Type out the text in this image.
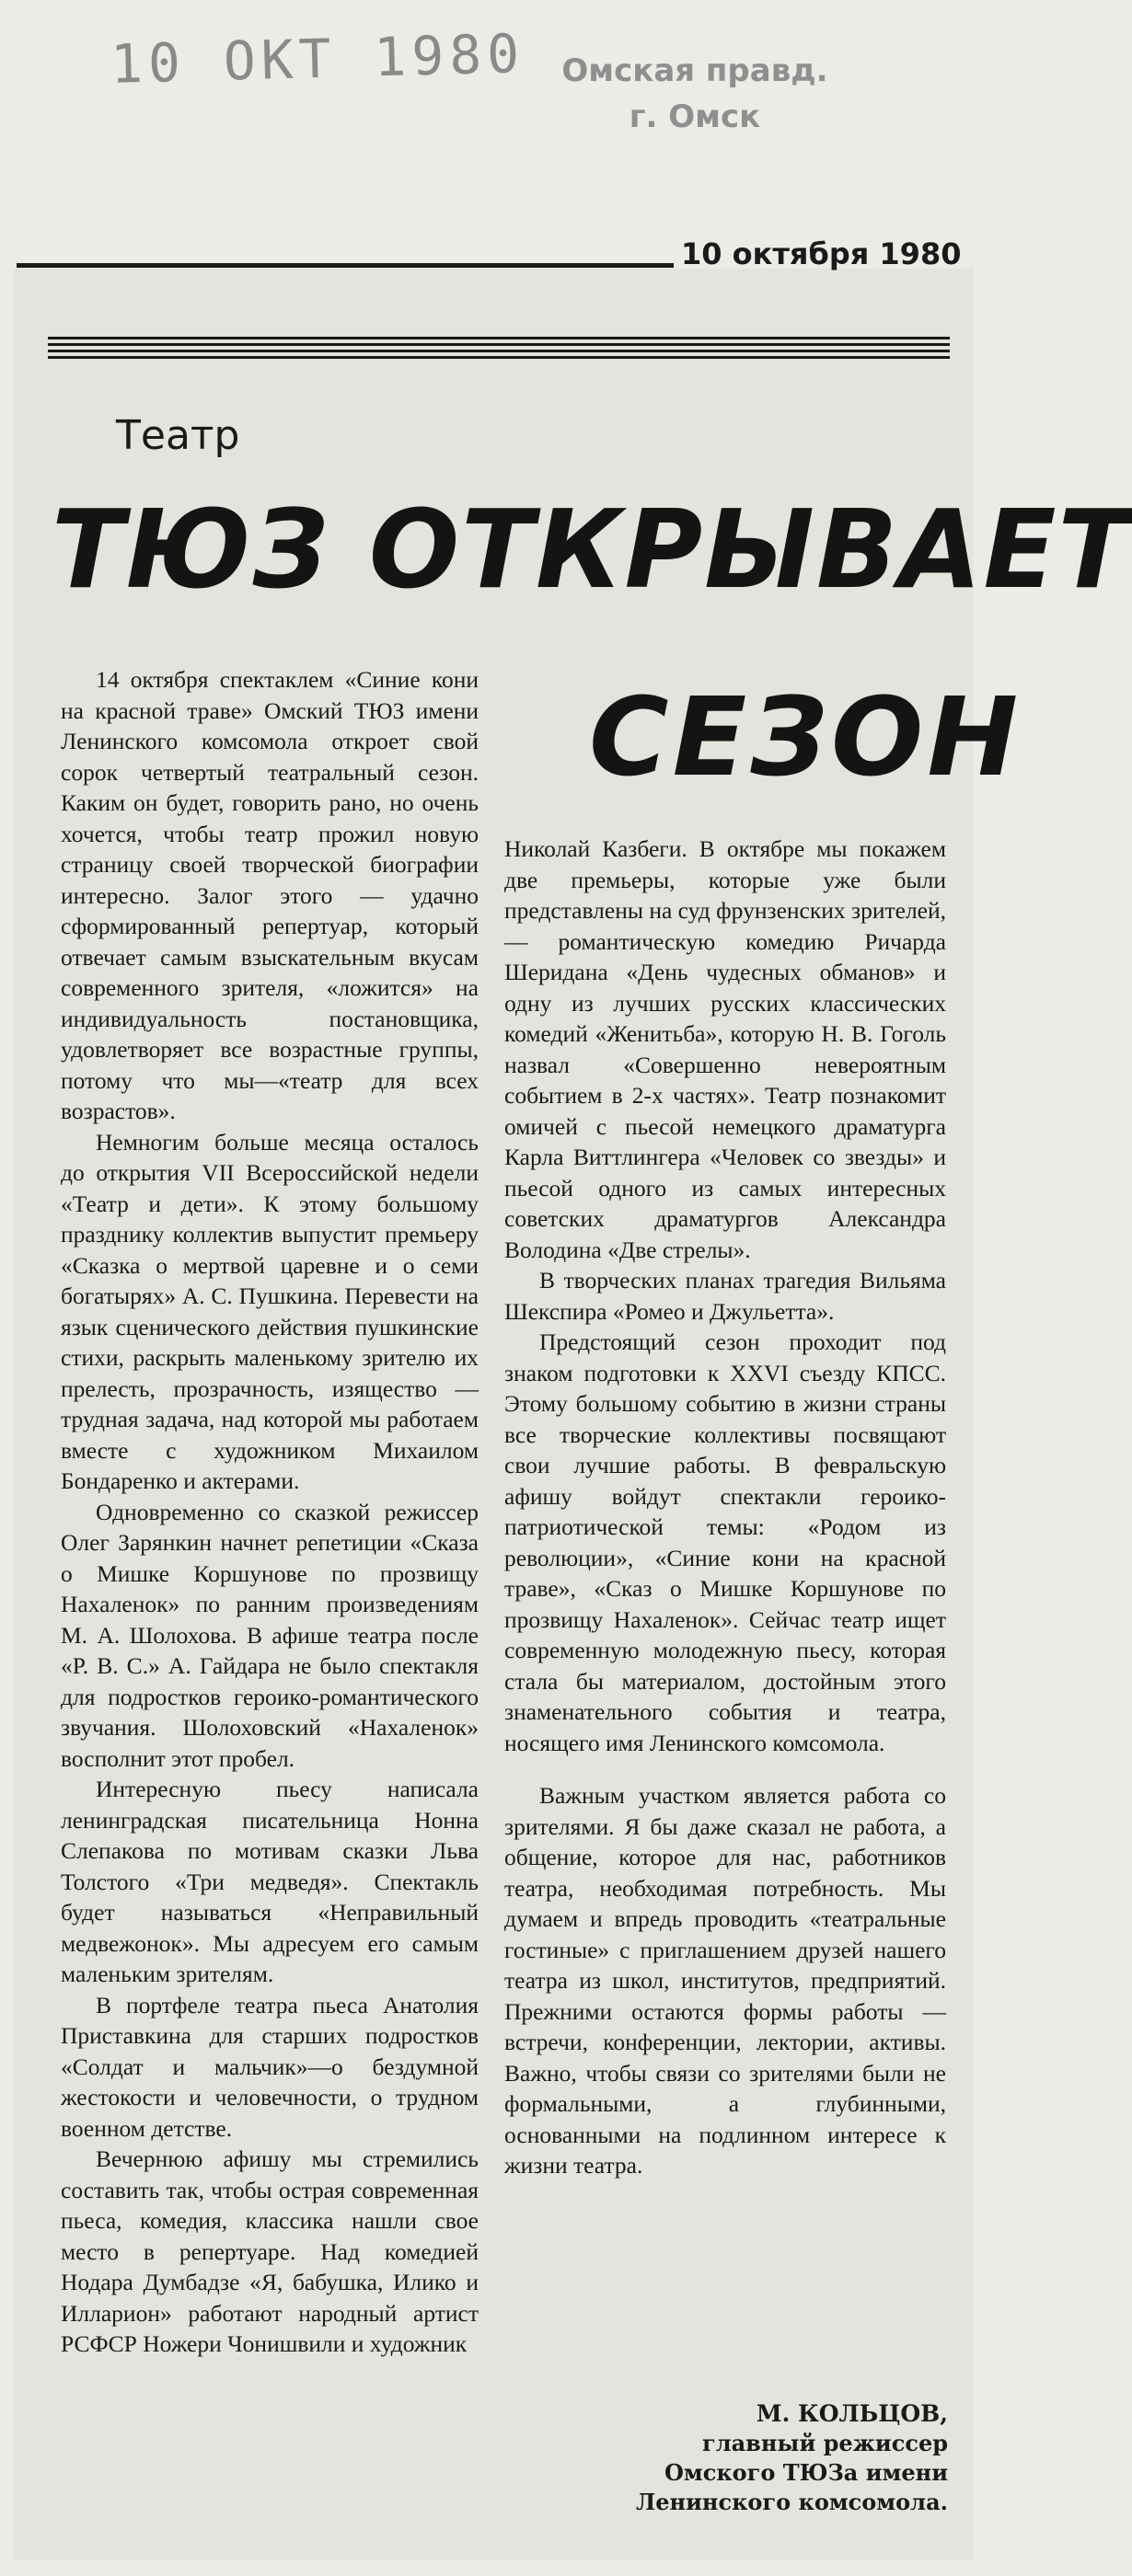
10 ОКТ 1980	Омская правд.
г. Омск
10 октября 1980
Театр
ТЮЗ ОТКРЫВАЕТ
СЕЗОН

14 октября спектаклем «Синие кони на красной траве» Омский ТЮЗ имени Ленинского комсомола откроет свой сорок четвертый театральный сезон. Каким он будет, говорить рано, но очень хочется, чтобы театр прожил новую страницу своей творческой биографии интересно. Залог этого — удачно сформированный репертуар, который отвечает самым взыскательным вкусам современного зрителя, «ложится» на индивидуальность постановщика, удовлетворяет все возрастные группы, потому что мы—«театр для всех возрастов».

Немногим больше месяца осталось до открытия VII Всероссийской недели «Театр и дети». К этому большому празднику коллектив выпустит премьеру «Сказка о мертвой царевне и о семи богатырях» А. С. Пушкина. Перевести на язык сценического действия пушкинские стихи, раскрыть маленькому зрителю их прелесть, прозрачность, изящество — трудная задача, над которой мы работаем вместе с художником Михаилом Бондаренко и актерами.

Одновременно со сказкой режиссер Олег Зарянкин начнет репетиции «Сказа о Мишке Коршунове по прозвищу Нахаленок» по ранним произведениям М. А. Шолохова. В афише театра после «Р. В. С.» А. Гайдара не было спектакля для подростков героико-романтического звучания. Шолоховский «Нахаленок» восполнит этот пробел.

Интересную пьесу написала ленинградская писательница Нонна Слепакова по мотивам сказки Льва Толстого «Три медведя». Спектакль будет называться «Неправильный медвежонок». Мы адресуем его самым маленьким зрителям.

В портфеле театра пьеса Анатолия Приставкина для старших подростков «Солдат и мальчик»—о бездумной жестокости и человечности, о трудном военном детстве.

Вечернюю афишу мы стремились составить так, чтобы острая современная пьеса, комедия, классика нашли свое место в репертуаре. Над комедией Нодара Думбадзе «Я, бабушка, Илико и Илларион» работают народный артист РСФСР Ножери Чонишвили и художник

Николай Казбеги. В октябре мы покажем две премьеры, которые уже были представлены на суд фрунзенских зрителей, — романтическую комедию Ричарда Шеридана «День чудесных обманов» и одну из лучших русских классических комедий «Женитьба», которую Н. В. Гоголь назвал «Совершенно невероятным событием в 2-х частях». Театр познакомит омичей с пьесой немецкого драматурга Карла Виттлингера «Человек со звезды» и пьесой одного из самых интересных советских драматургов Александра Володина «Две стрелы».

В творческих планах трагедия Вильяма Шекспира «Ромео и Джульетта».

Предстоящий сезон проходит под знаком подготовки к XXVI съезду КПСС. Этому большому событию в жизни страны все творческие коллективы посвящают свои лучшие работы. В февральскую афишу войдут спектакли героико-патриотической темы: «Родом из революции», «Синие кони на красной траве», «Сказ о Мишке Коршунове по прозвищу Нахаленок». Сейчас театр ищет современную молодежную пьесу, которая стала бы материалом, достойным этого знаменательного события и театра, носящего имя Ленинского комсомола.

Важным участком является работа со зрителями. Я бы даже сказал не работа, а общение, которое для нас, работников театра, необходимая потребность. Мы думаем и впредь проводить «театральные гостиные» с приглашением друзей нашего театра из школ, институтов, предприятий. Прежними остаются формы работы — встречи, конференции, лектории, активы. Важно, чтобы связи со зрителями были не формальными, а глубинными, основанными на подлинном интересе к жизни театра.

М. КОЛЬЦОВ,
главный режиссер
Омского ТЮЗа имени
Ленинского комсомола.
